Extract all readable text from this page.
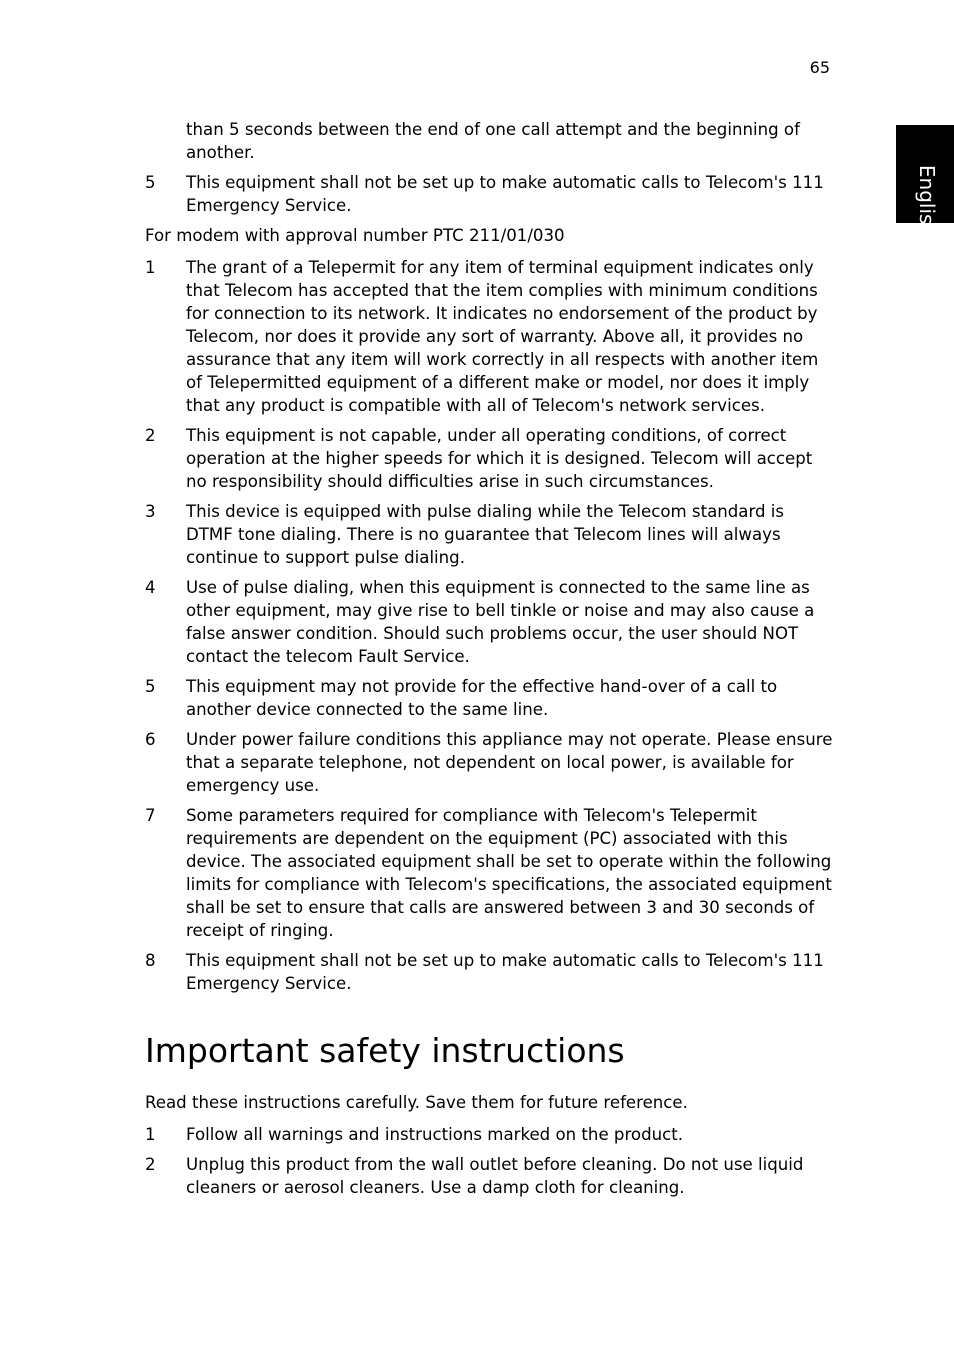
65
English
than 5 seconds between the end of one call attempt and the beginning of another.
5	This equipment shall not be set up to make automatic calls to Telecom's 111 Emergency Service.
For modem with approval number PTC 211/01/030
1	The grant of a Telepermit for any item of terminal equipment indicates only that Telecom has accepted that the item complies with minimum conditions for connection to its network. It indicates no endorsement of the product by Telecom, nor does it provide any sort of warranty. Above all, it provides no assurance that any item will work correctly in all respects with another item of Telepermitted equipment of a different make or model, nor does it imply that any product is compatible with all of Telecom's network services.
2	This equipment is not capable, under all operating conditions, of correct operation at the higher speeds for which it is designed. Telecom will accept no responsibility should difficulties arise in such circumstances.
3	This device is equipped with pulse dialing while the Telecom standard is DTMF tone dialing. There is no guarantee that Telecom lines will always continue to support pulse dialing.
4	Use of pulse dialing, when this equipment is connected to the same line as other equipment, may give rise to bell tinkle or noise and may also cause a false answer condition. Should such problems occur, the user should NOT contact the telecom Fault Service.
5	This equipment may not provide for the effective hand-over of a call to another device connected to the same line.
6	Under power failure conditions this appliance may not operate. Please ensure that a separate telephone, not dependent on local power, is available for emergency use.
7	Some parameters required for compliance with Telecom's Telepermit requirements are dependent on the equipment (PC) associated with this device. The associated equipment shall be set to operate within the following limits for compliance with Telecom's specifications, the associated equipment shall be set to ensure that calls are answered between 3 and 30 seconds of receipt of ringing.
8	This equipment shall not be set up to make automatic calls to Telecom's 111 Emergency Service.
Important safety instructions
Read these instructions carefully. Save them for future reference.
1	Follow all warnings and instructions marked on the product.
2	Unplug this product from the wall outlet before cleaning. Do not use liquid cleaners or aerosol cleaners. Use a damp cloth for cleaning.
